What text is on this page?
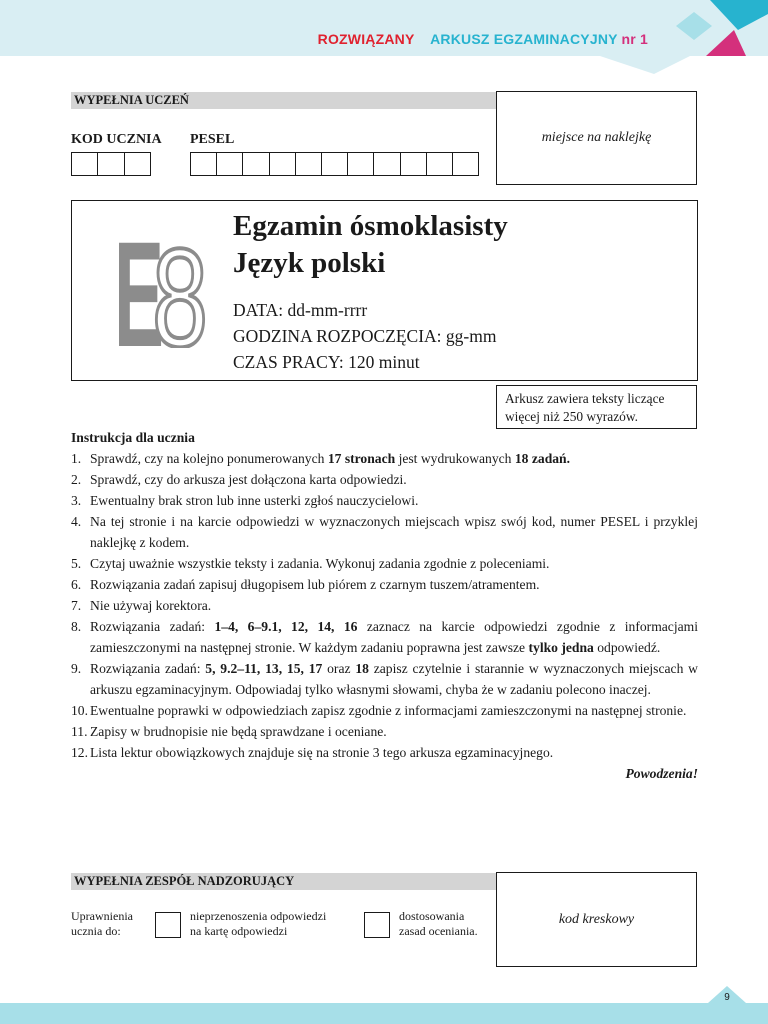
ROZWIĄZANY ARKUSZ EGZAMINACYJNY nr 1
WYPEŁNIA UCZEŃ
KOD UCZNIA PESEL	miejsce na naklejkę
E
8 Egzamin ósmoklasisty
Język polski
DATA: dd-mm-rrrr
GODZINA ROZPOCZĘCIA: gg-mm
CZAS PRACY: 120 minut
Arkusz zawiera teksty liczące
więcej niż 250 wyrazów.
Instrukcja dla ucznia
1. Sprawdź, czy na kolejno ponumerowanych 17 stronach jest wydrukowanych 18 zadań.
2. Sprawdź, czy do arkusza jest dołączona karta odpowiedzi.
3. Ewentualny brak stron lub inne usterki zgłoś nauczycielowi.
4. Na tej stronie i na karcie odpowiedzi w wyznaczonych miejscach wpisz swój kod, numer PESEL i przyklej naklejkę z kodem.
5. Czytaj uważnie wszystkie teksty i zadania. Wykonuj zadania zgodnie z poleceniami.
6. Rozwiązania zadań zapisuj długopisem lub piórem z czarnym tuszem/atramentem.
7. Nie używaj korektora.
8. Rozwiązania zadań: 1–4, 6–9.1, 12, 14, 16 zaznacz na karcie odpowiedzi zgodnie z informacjami zamieszczonymi na następnej stronie. W każdym zadaniu poprawna jest zawsze tylko jedna odpowiedź.
9. Rozwiązania zadań: 5, 9.2–11, 13, 15, 17 oraz 18 zapisz czytelnie i starannie w wyznaczonych miejscach w arkuszu egzaminacyjnym. Odpowiadaj tylko własnymi słowami, chyba że w zadaniu polecono inaczej.
10. Ewentualne poprawki w odpowiedziach zapisz zgodnie z informacjami zamieszczonymi na następnej stronie.
11. Zapisy w brudnopisie nie będą sprawdzane i oceniane.
12. Lista lektur obowiązkowych znajduje się na stronie 3 tego arkusza egzaminacyjnego.
Powodzenia!
WYPEŁNIA ZESPÓŁ NADZORUJĄCY
Uprawnienia
ucznia do:
nieprzenoszenia odpowiedzi
na kartę odpowiedzi
dostosowania
zasad oceniania.
kod kreskowy
9
